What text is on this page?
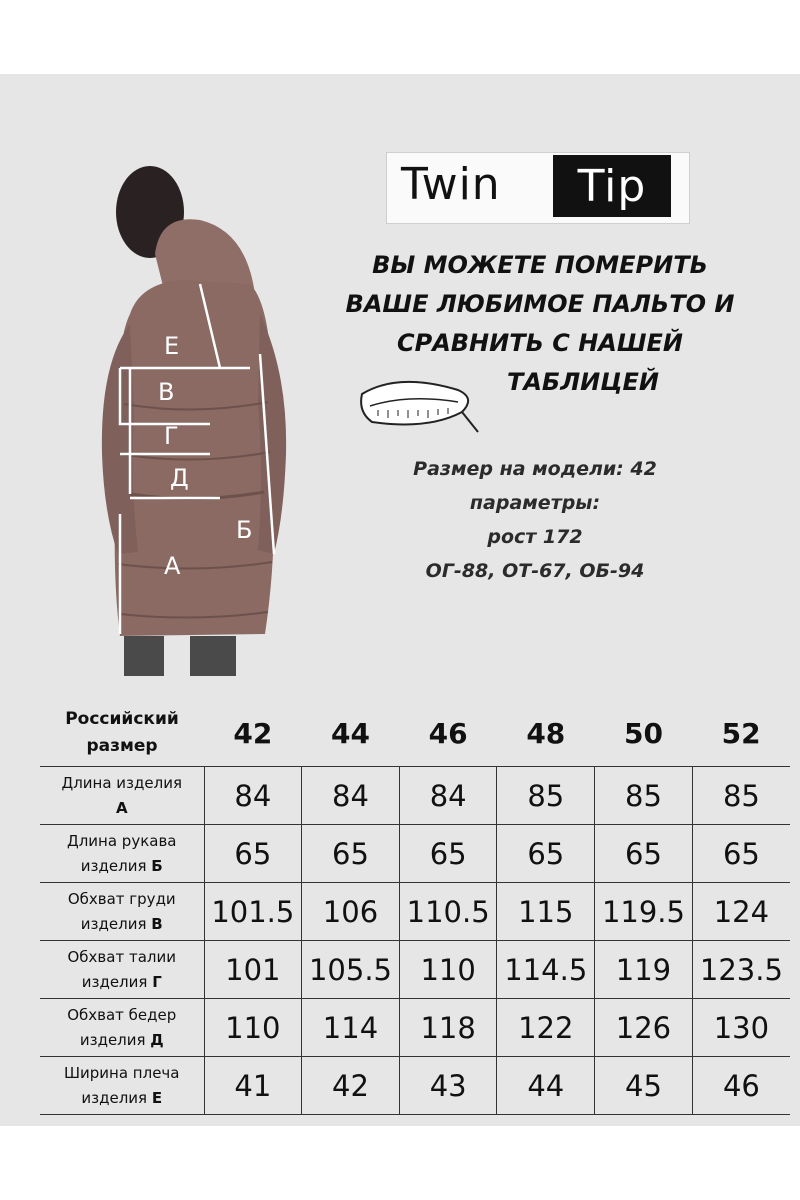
Е
В
Г
Д
Б
А
Twin	Tip
ВЫ МОЖЕТЕ ПОМЕРИТЬ
ВАШЕ ЛЮБИМОЕ ПАЛЬТО И
СРАВНИТЬ С НАШЕЙ
ТАБЛИЦЕЙ
Размер на модели: 42
параметры:
рост 172
ОГ-88, ОТ-67, ОБ-94
Российский
размер	42	44	46	48	50	52

Длина изделия
А	84	84	84	85	85	85

Длина рукава
изделия Б	65	65	65	65	65	65

Обхват груди
изделия В	101.5	106	110.5	115	119.5	124

Обхват талии
изделия Г	101	105.5	110	114.5	119	123.5

Обхват бедер
изделия Д	110	114	118	122	126	130

Ширина плеча
изделия Е	41	42	43	44	45	46
